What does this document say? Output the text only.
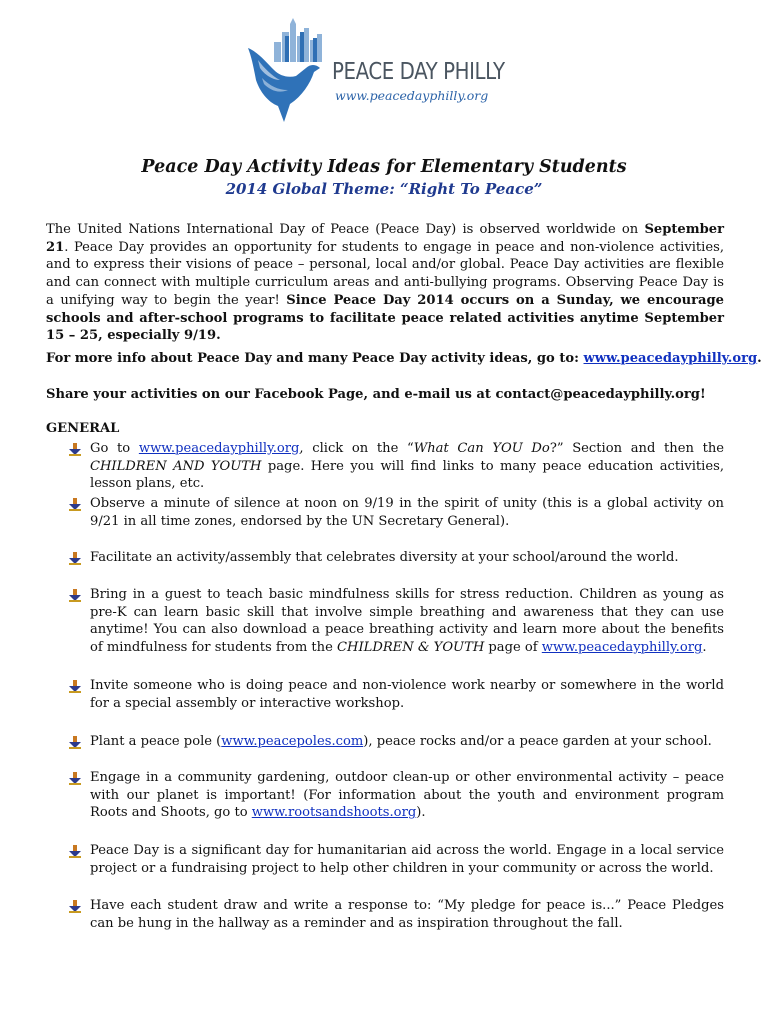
PEACE DAY PHILLY
www.peacedayphilly.org
Peace Day Activity Ideas for Elementary Students
2014 Global Theme: “Right To Peace”
The United Nations International Day of Peace (Peace Day) is observed worldwide on September 21. Peace Day provides an opportunity for students to engage in peace and non-violence activities, and to express their visions of peace – personal, local and/or global. Peace Day activities are flexible and can connect with multiple curriculum areas and anti-bullying programs. Observing Peace Day is a unifying way to begin the year! Since Peace Day 2014 occurs on a Sunday, we encourage schools and after-school programs to facilitate peace related activities anytime September 15 – 25, especially 9/19.
For more info about Peace Day and many Peace Day activity ideas, go to: www.peacedayphilly.org.
Share your activities on our Facebook Page, and e-mail us at contact@peacedayphilly.org!
GENERAL
Go to www.peacedayphilly.org, click on the “What Can YOU Do?” Section and then the CHILDREN AND YOUTH page. Here you will find links to many peace education activities, lesson plans, etc.
Observe a minute of silence at noon on 9/19 in the spirit of unity (this is a global activity on 9/21 in all time zones, endorsed by the UN Secretary General).
Facilitate an activity/assembly that celebrates diversity at your school/around the world.
Bring in a guest to teach basic mindfulness skills for stress reduction. Children as young as pre-K can learn basic skill that involve simple breathing and awareness that they can use anytime! You can also download a peace breathing activity and learn more about the benefits of mindfulness for students from the CHILDREN & YOUTH page of www.peacedayphilly.org.
Invite someone who is doing peace and non-violence work nearby or somewhere in the world for a special assembly or interactive workshop.
Plant a peace pole (www.peacepoles.com), peace rocks and/or a peace garden at your school.
Engage in a community gardening, outdoor clean-up or other environmental activity – peace with our planet is important! (For information about the youth and environment program Roots and Shoots, go to www.rootsandshoots.org).
Peace Day is a significant day for humanitarian aid across the world. Engage in a local service project or a fundraising project to help other children in your community or across the world.
Have each student draw and write a response to: “My pledge for peace is...” Peace Pledges can be hung in the hallway as a reminder and as inspiration throughout the fall.
